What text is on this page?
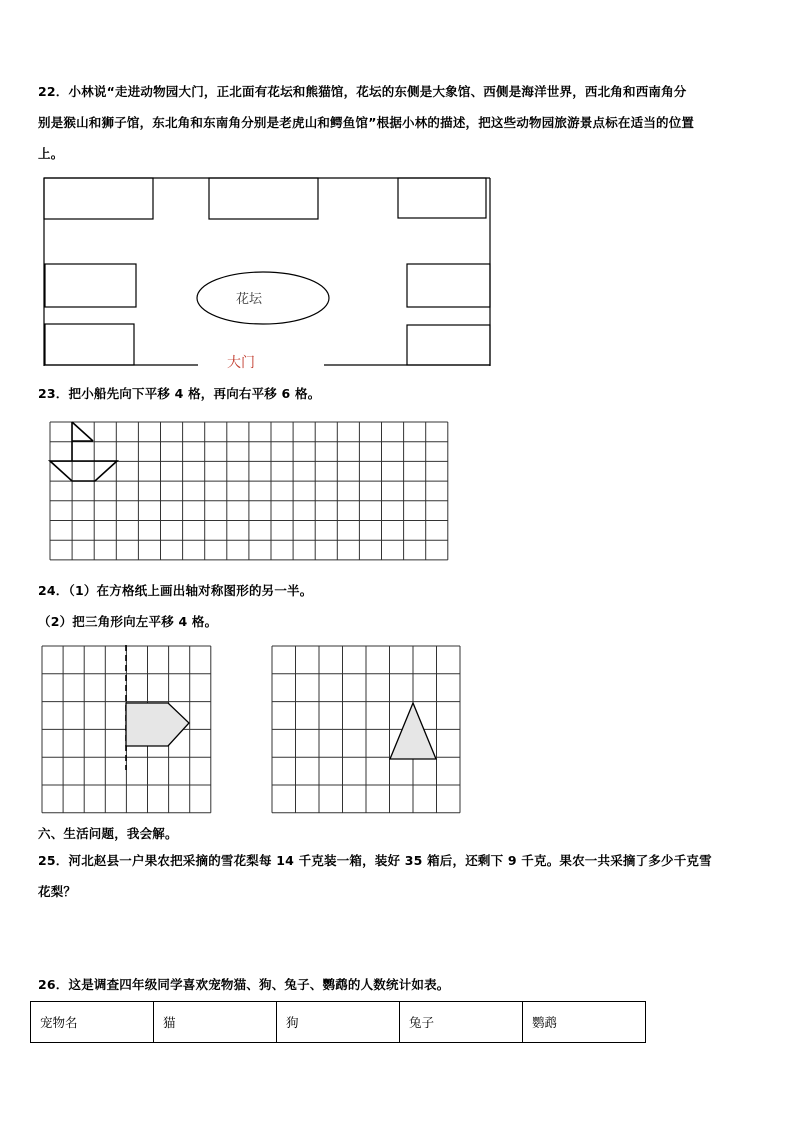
22．小林说“走进动物园大门，正北面有花坛和熊猫馆，花坛的东侧是大象馆、西侧是海洋世界，西北角和西南角分
别是猴山和狮子馆，东北角和东南角分别是老虎山和鳄鱼馆”根据小林的描述，把这些动物园旅游景点标在适当的位置
上。
花坛
大门
23．把小船先向下平移 4 格，再向右平移 6 格。
24．（1）在方格纸上画出轴对称图形的另一半。
（2）把三角形向左平移 4 格。
六、生活问题，我会解。
25．河北赵县一户果农把采摘的雪花梨每 14 千克装一箱，装好 35 箱后，还剩下 9 千克。果农一共采摘了多少千克雪
花梨？
26．这是调查四年级同学喜欢宠物猫、狗、兔子、鹦鹉的人数统计如表。
宠物名	猫	狗	兔子	鹦鹉
